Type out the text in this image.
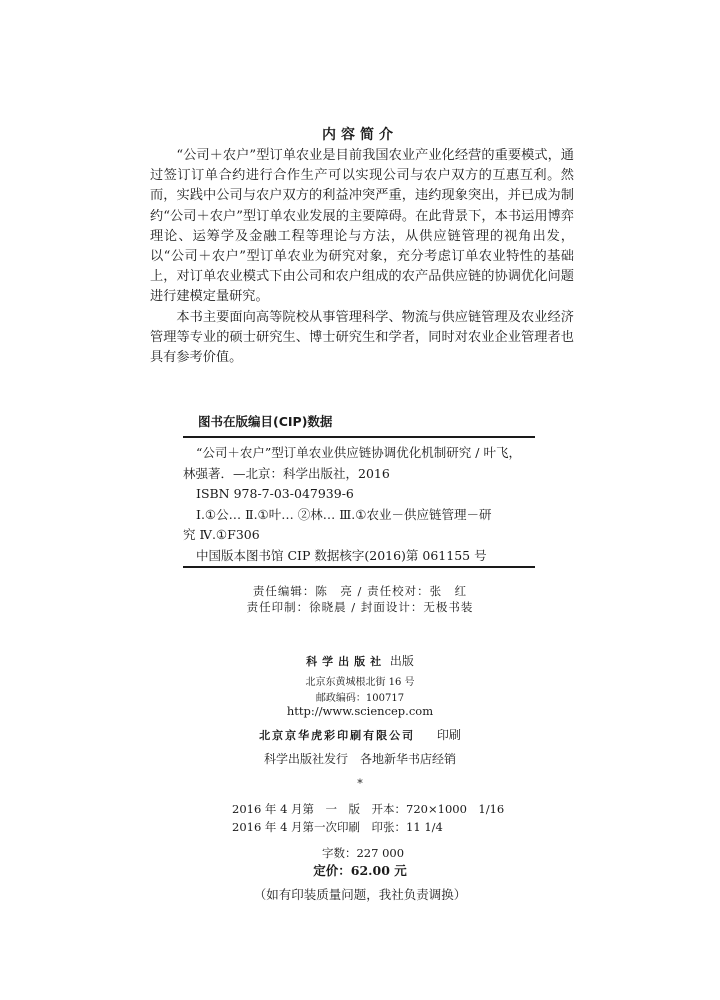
内容简介

“公司＋农户”型订单农业是目前我国农业产业化经营的重要模式，通过签订订单合约进行合作生产可以实现公司与农户双方的互惠互利。然而，实践中公司与农户双方的利益冲突严重，违约现象突出，并已成为制约“公司＋农户”型订单农业发展的主要障碍。在此背景下，本书运用博弈理论、运筹学及金融工程等理论与方法，从供应链管理的视角出发，以“公司＋农户”型订单农业为研究对象，充分考虑订单农业特性的基础上，对订单农业模式下由公司和农户组成的农产品供应链的协调优化问题进行建模定量研究。

本书主要面向高等院校从事管理科学、物流与供应链管理及农业经济管理等专业的硕士研究生、博士研究生和学者，同时对农业企业管理者也具有参考价值。

图书在版编目(CIP)数据
“公司＋农户”型订单农业供应链协调优化机制研究 / 叶飞，
林强著．—北京：科学出版社，2016
ISBN 978-7-03-047939-6
Ⅰ.①公… Ⅱ.①叶… ②林… Ⅲ.①农业－供应链管理－研
究 Ⅳ.①F306
中国版本图书馆 CIP 数据核字(2016)第 061155 号
责任编辑：陈　亮 / 责任校对：张　红
责任印制：徐晓晨 / 封面设计：无极书装
科学出版社 出版
北京东黄城根北街 16 号
邮政编码：100717
http://www.sciencep.com
北京京华虎彩印刷有限公司 印刷
科学出版社发行　各地新华书店经销
*
2016 年 4 月第　一　版　开本：720×1000　1/16
2016 年 4 月第一次印刷　印张：11 1/4
字数：227 000
定价：62.00 元
（如有印装质量问题，我社负责调换）
